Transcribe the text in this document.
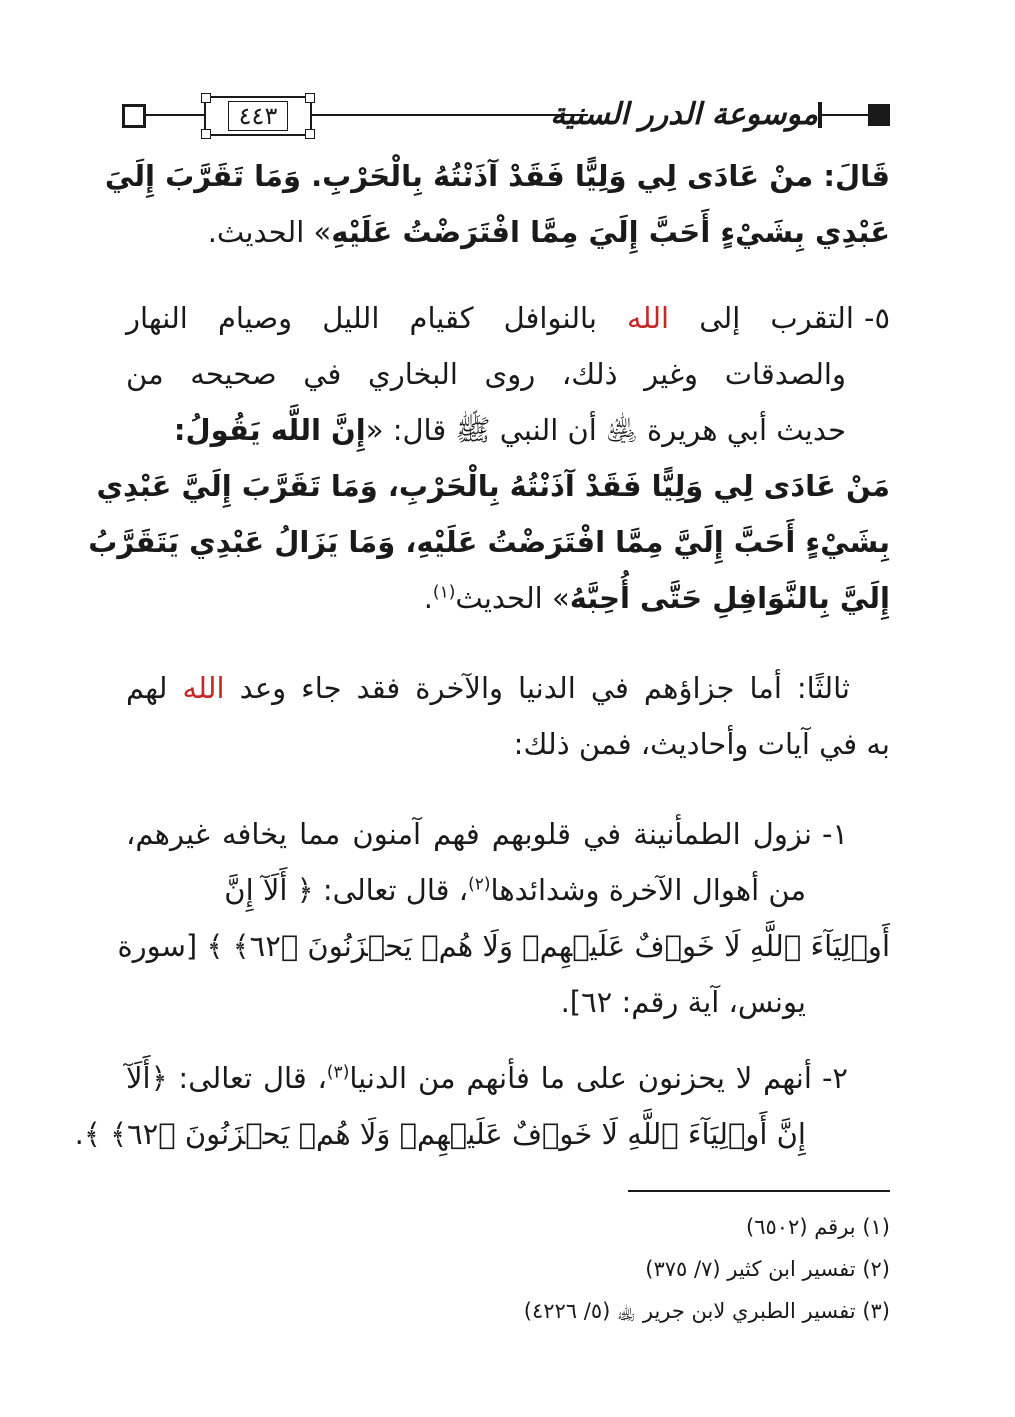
٤٤٣	موسوعة الدرر السنية
قَالَ: منْ عَادَى لِي وَلِيًّا فَقَدْ آذَنْتُهُ بِالْحَرْبِ. وَمَا تَقَرَّبَ إِلَيَ
عَبْدِي بِشَيْءٍ أَحَبَّ إِلَيَ مِمَّا افْتَرَضْتُ عَلَيْهِ» الحديث.
٥-التقرب إلى الله بالنوافل كقيام الليل وصيام النهار
والصدقات وغير ذلك، روى البخاري في صحيحه من
حديث أبي هريرة ﵁ أن النبي ﷺ قال: «إِنَّ اللَّه يَقُولُ:
مَنْ عَادَى لِي وَلِيًّا فَقَدْ آذَنْتُهُ بِالْحَرْبِ، وَمَا تَقَرَّبَ إِلَيَّ عَبْدِي
بِشَيْءٍ أَحَبَّ إِلَيَّ مِمَّا افْتَرَضْتُ عَلَيْهِ، وَمَا يَزَالُ عَبْدِي يَتَقَرَّبُ
إِلَيَّ بِالنَّوَافِلِ حَتَّى أُحِبَّهُ» الحديث$^{(١)}$.
ثالثًا: أما جزاؤهم في الدنيا والآخرة فقد جاء وعد الله لهم
به في آيات وأحاديث، فمن ذلك:
١-نزول الطمأنينة في قلوبهم فهم آمنون مما يخافه غيرهم،
من أهوال الآخرة وشدائدها$^{(٢)}$، قال تعالى: ﴿ أَلَآ إِنَّ
أَوۡلِيَآءَ ٱللَّهِ لَا خَوۡفٌ عَلَيۡهِمۡ وَلَا هُمۡ يَحۡزَنُونَ ﴿٦٢﴾ ﴾ [سورة
يونس، آية رقم: ٦٢].
٢-أنهم لا يحزنون على ما فأنهم من الدنيا$^{(٣)}$، قال تعالى: ﴿أَلَآ
إِنَّ أَوۡلِيَآءَ ٱللَّهِ لَا خَوۡفٌ عَلَيۡهِمۡ وَلَا هُمۡ يَحۡزَنُونَ ﴿٦٢﴾ ﴾.
(١) برقم (٦٥٠٢)
(٢) تفسير ابن كثير (٧/ ٣٧٥)
(٣) تفسير الطبري لابن جرير ﵀ (٥/ ٤٢٢٦)
